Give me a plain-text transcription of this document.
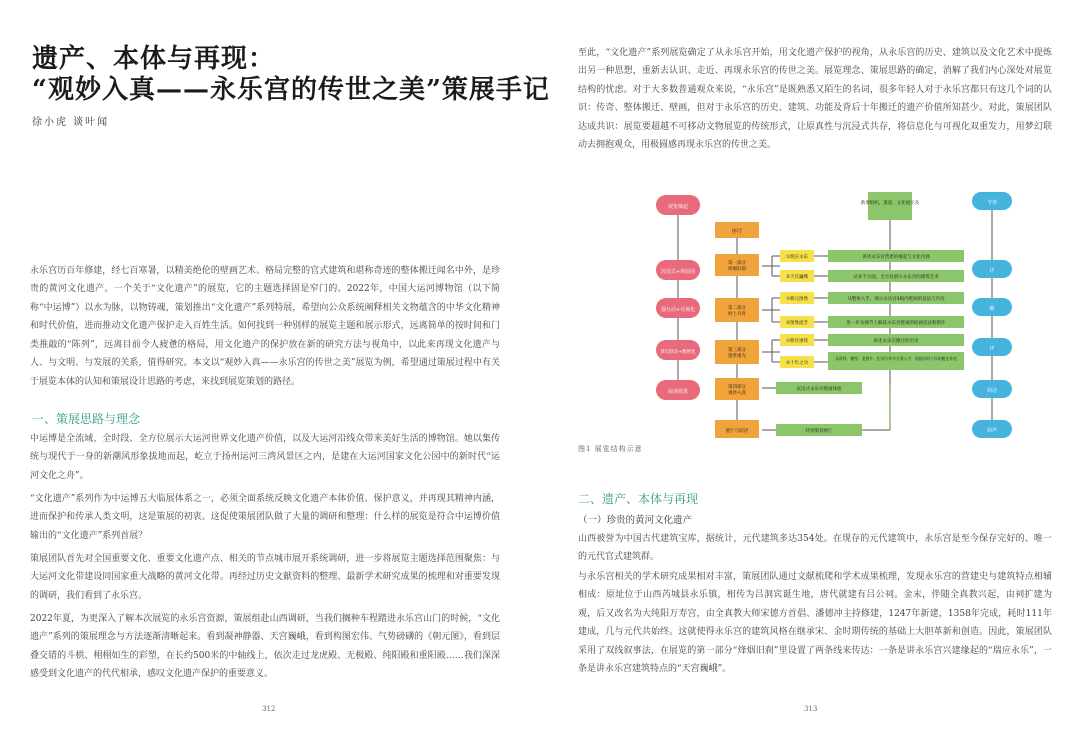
遗产、本体与再现：
“观妙入真——永乐宫的传世之美”策展手记
徐小虎 谈叶闻

永乐宫历百年修建，经七百寒暑，以精美绝伦的壁画艺术、格局完整的官式建筑和堪称奇迹的整体搬迁闻名中外，是珍贵的黄河文化遗产。一个关于“文化遗产”的展览，它的主题选择固是窄门的。2022年，中国大运河博物馆（以下简称“中运博”）以水为脉，以物铸魂，策划推出“文化遗产”系列特展，希望向公众系统阐释相关文物蕴含的中华文化精神和时代价值，进而推动文化遗产保护走入百姓生活。如何找到一种别样的展览主题和展示形式，远离简单的按时间和门类推敲的“陈列”，远离目前令人疲惫的格局，用文化遗产的保护放在新的研究方法与视角中，以此来再现文化遗产与人、与文明、与发展的关系，值得研究。本文以“观妙入真——永乐宫的传世之美”展览为例，希望通过策展过程中有关于展览本体的认知和策展设计思路的考虑，来找到展览策划的路径。

一、策展思路与理念

中运博是全流域、全时段、全方位展示大运河世界文化遗产价值，以及大运河沿线众带来美好生活的博物馆。她以集传统与现代于一身的新潮风形象拔地而起，屹立于扬州运河三湾风景区之内，是建在大运河国家文化公园中的新时代“运河文化之舟”。

“文化遗产”系列作为中运博五大临展体系之一，必须全面系统反映文化遗产本体价值、保护意义，并再现其精神内涵，进而保护和传承人类文明，这是策展的初衷。这促使策展团队做了大量的调研和整理：什么样的展览是符合中运博价值输出的“文化遗产”系列首展？

策展团队首先对全国重要文化、重要文化遗产点、相关的节点城市展开系统调研，进一步将展览主题选择范围聚焦：与大运河文化带建设同国家重大战略的黄河文化带。再经过历史文献资料的整理、最新学术研究成果的梳理和对重要发现的调研，我们看到了永乐宫。

2022年夏，为更深入了解本次展览的永乐宫资源，策展组赴山西调研，当我们搁种车程踏进永乐宫山门的时候，“文化遗产”系列的策展理念与方法逐渐清晰起来。看到凝神静器、天宫巍峨，看到构图宏伟、气势磅礴的《朝元图》，看到层叠交错的斗栱、栩栩如生的彩塑，在长约500米的中轴线上，依次走过龙虎殿、无极殿、纯阳殿和重阳殿……我们深深感受到文化遗产的代代相承，感叹文化遗产保护的重要意义。

312

至此，“文化遗产”系列展览确定了从永乐宫开始，用文化遗产保护的视角，从永乐宫的历史、建筑以及文化艺术中提炼出另一种思想，重新去认识、走近、再现永乐宫的传世之美。展览理念、策展思路的确定，消解了我们内心深处对展览结构的忧虑。对于大多数普通观众来说，“永乐宫”是既熟悉又陌生的名词，很多年轻人对于永乐宫都只有这几个词的认识：传奇、整体搬迁、壁画，但对于永乐宫的历史、建筑、功能及背后十年搬迁的遗产价值所知甚少。对此，策展团队达成共识：展览要超越不可移动文物展览的传统形式，让原真性与沉浸式共存，将信息化与可视化双重发力，用梦幻联动去拥抱观众，用极圆感再现永乐宫的传世之美。

展览缘起
沉浸式+体验园
强互动+可视化
梦幻联动+数智化
展现效果
新增组织、遗迹、文化展示及
序厅
第一部分烽烟旧刹
第二部分妙上丹青
第三部分遗世重光
第四部分观妙入真
展厅与结语
①瑞应永乐
②天宫巍峨
①朝元图像
②图像流芳
①移宫重续
②十年之功
讲述永乐宫营建的缘起与文化内涵
从多个方面、全方位展示永乐宫的建筑艺术
从整体入手，展示永乐宫4殿内壁画的技法与内容
进一步从细节上解读永乐宫壁画的绘画技法和制作
讲述永乐宫搬迁的历史
从资料、模型、老照片、纪录片等多方面入手，展现历时十年的搬迁奇迹
沉浸式永乐宫壁画体验
特别策划展厅
节奏
详
略
详
简洁
简声
图1 展览结构示意
二、遗产、本体与再现
（一）珍贵的黄河文化遗产

山西被誉为中国古代建筑宝库，据统计，元代建筑多达354处。在现存的元代建筑中，永乐宫是至今保存完好的、唯一的元代官式建筑群。

与永乐宫相关的学术研究成果相对丰富，策展团队通过文献梳爬和学术成果梳理，发现永乐宫的营建史与建筑特点相辅相成：原址位于山西芮城县永乐镇，相传为吕洞宾诞生地，唐代就建有吕公祠。金末，伴随全真教兴起，由祠扩建为观，后又改名为大纯阳万寿宫，由全真教大师宋德方首倡、潘德冲主持修建，1247年新建，1358年完成，耗时111年建成，几与元代共始终。这就使得永乐宫的建筑风格在继承宋、金时期传统的基础上大胆革新和创造。因此，策展团队采用了双线叙事法，在展览的第一部分“烽烟旧刹”里设置了两条线来传达：一条是讲永乐宫兴建缘起的“瑞应永乐”，一条是讲永乐宫建筑特点的“天宫巍峨”。

313
